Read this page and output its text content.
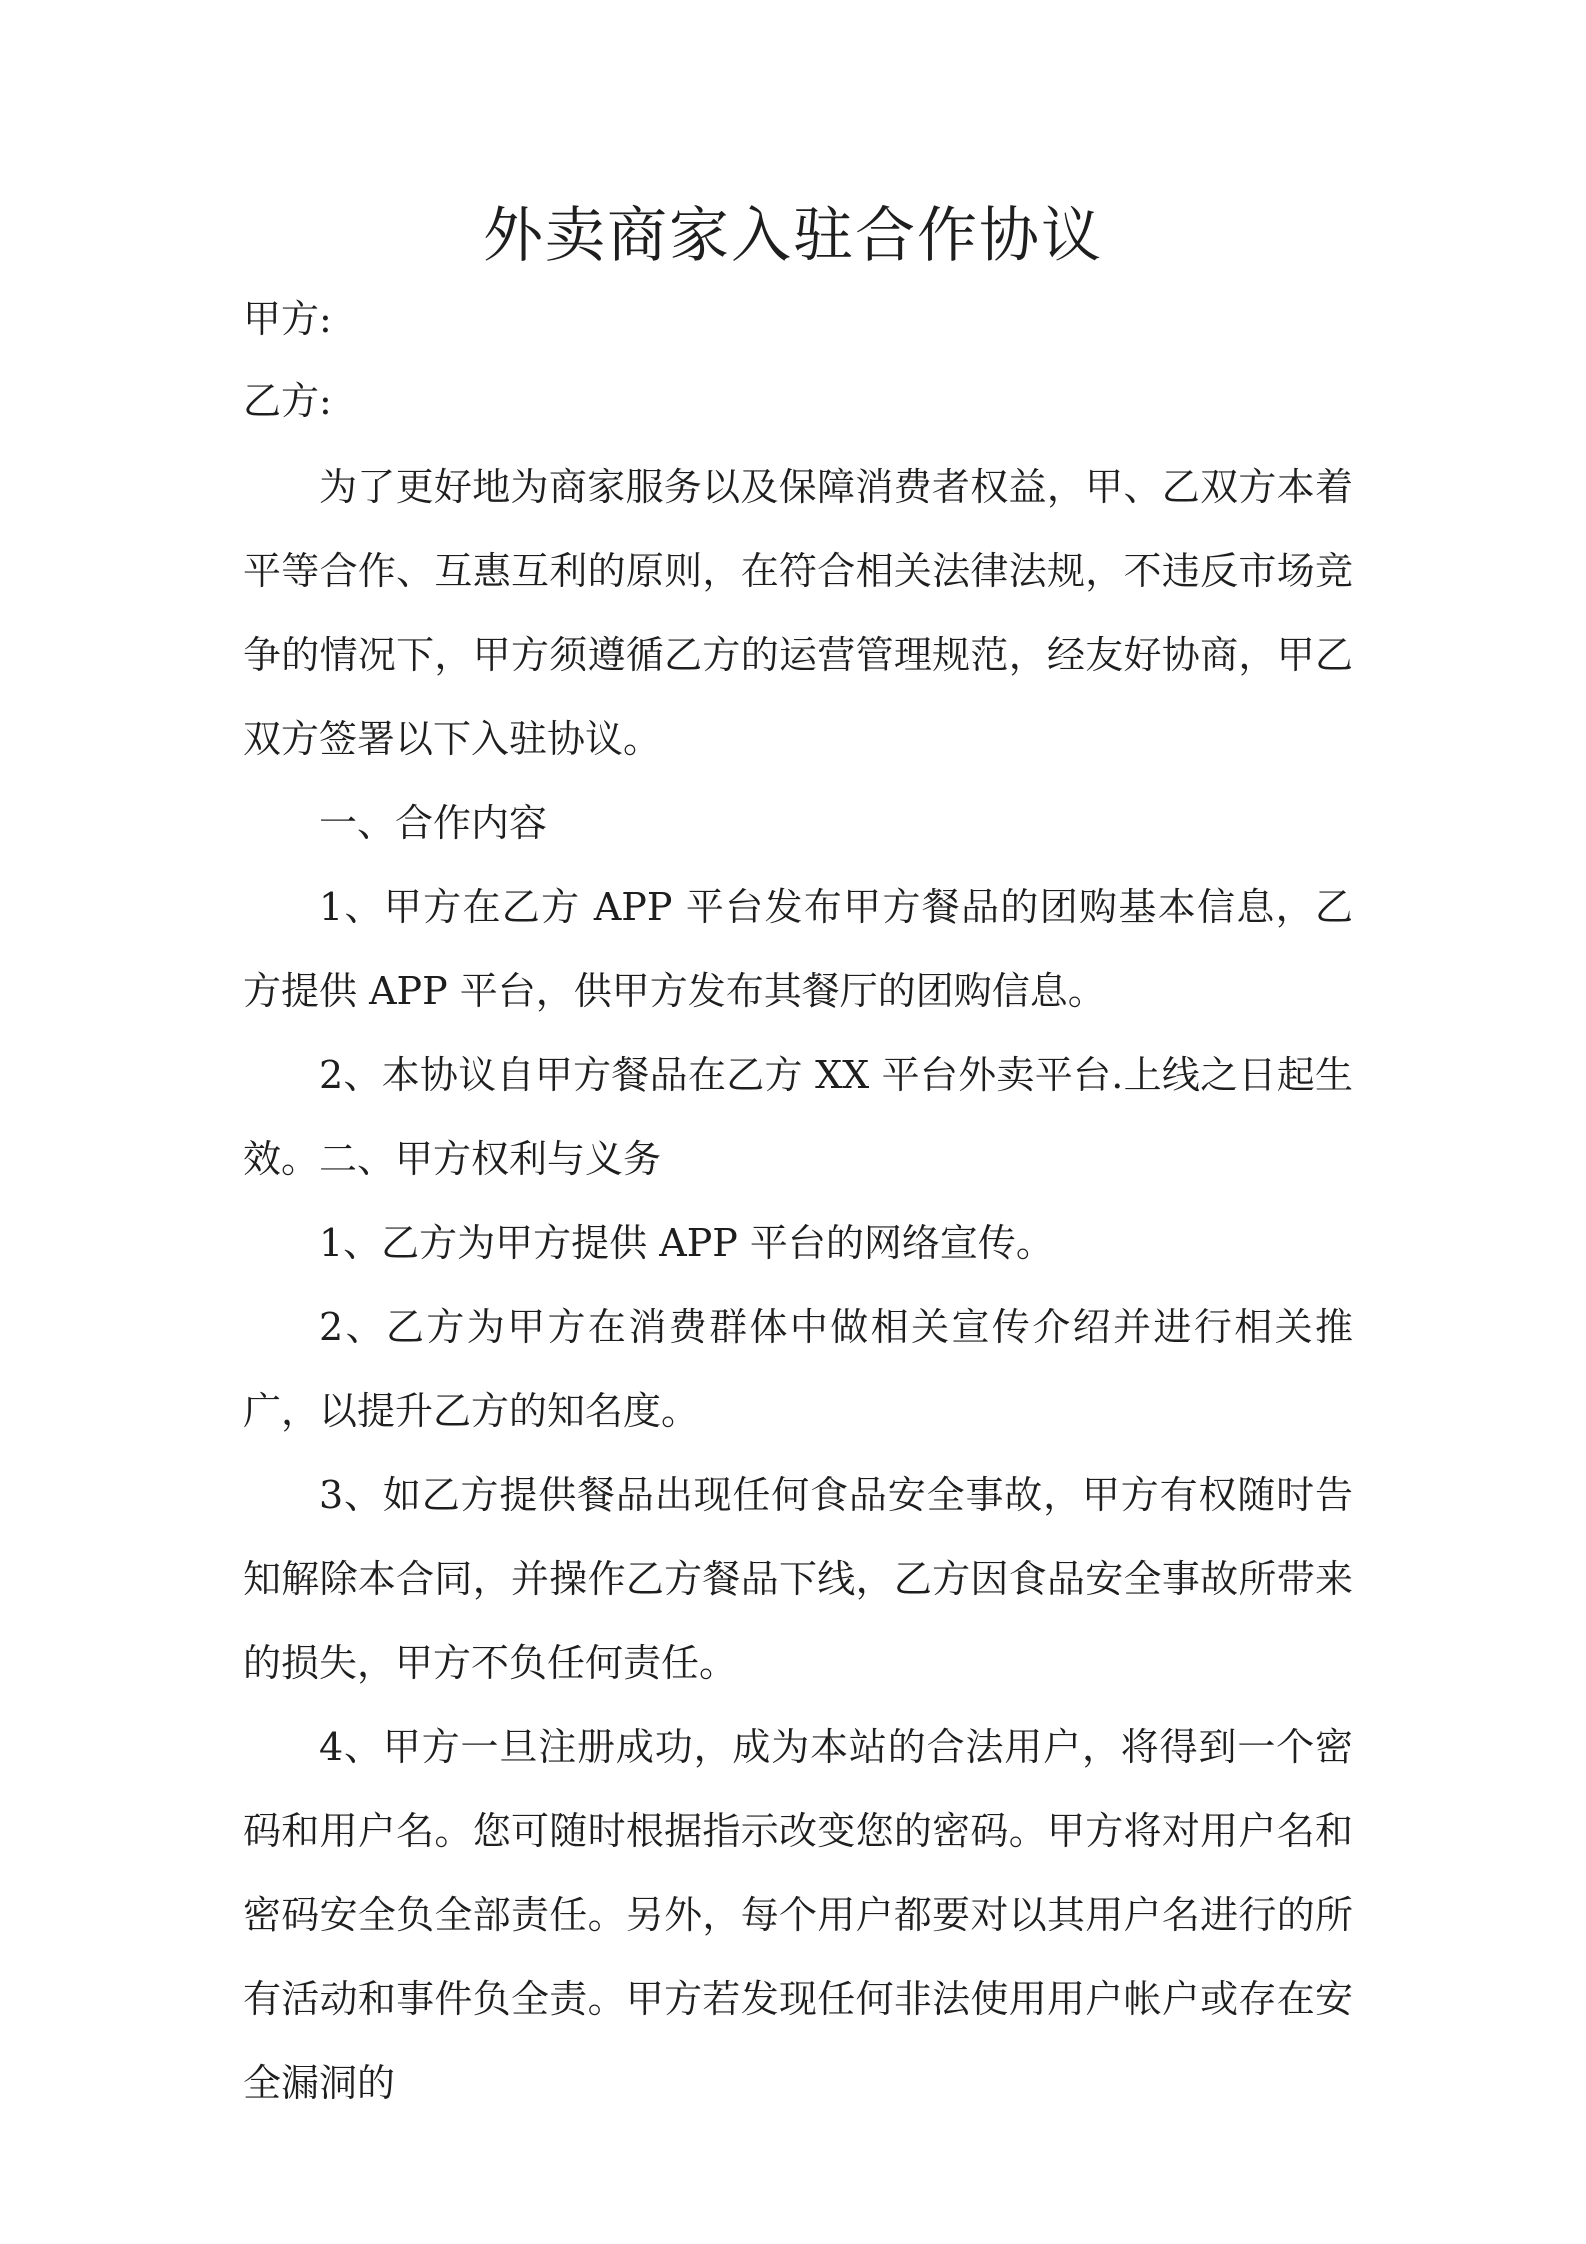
外卖商家入驻合作协议

甲方:

乙方:

为了更好地为商家服务以及保障消费者权益，甲、乙双方本着平等合作、互惠互利的原则，在符合相关法律法规，不违反市场竞争的情况下，甲方须遵循乙方的运营管理规范，经友好协商，甲乙双方签署以下入驻协议。

一、合作内容

1、甲方在乙方 APP 平台发布甲方餐品的团购基本信息，乙方提供 APP 平台，供甲方发布其餐厅的团购信息。

2、本协议自甲方餐品在乙方 XX 平台外卖平台.上线之日起生效。 二、甲方权利与义务

1、乙方为甲方提供 APP 平台的网络宣传。

2、乙方为甲方在消费群体中做相关宣传介绍并进行相关推广，以提升乙方的知名度。

3、如乙方提供餐品出现任何食品安全事故，甲方有权随时告知解除本合同，并操作乙方餐品下线，乙方因食品安全事故所带来的损失，甲方不负任何责任。

4、甲方一旦注册成功，成为本站的合法用户，将得到一个密码和用户名。您可随时根据指示改变您的密码。甲方将对用户名和密码安全负全部责任。另外，每个用户都要对以其用户名进行的所有活动和事件负全责。甲方若发现任何非法使用用户帐户或存在安全漏洞的
